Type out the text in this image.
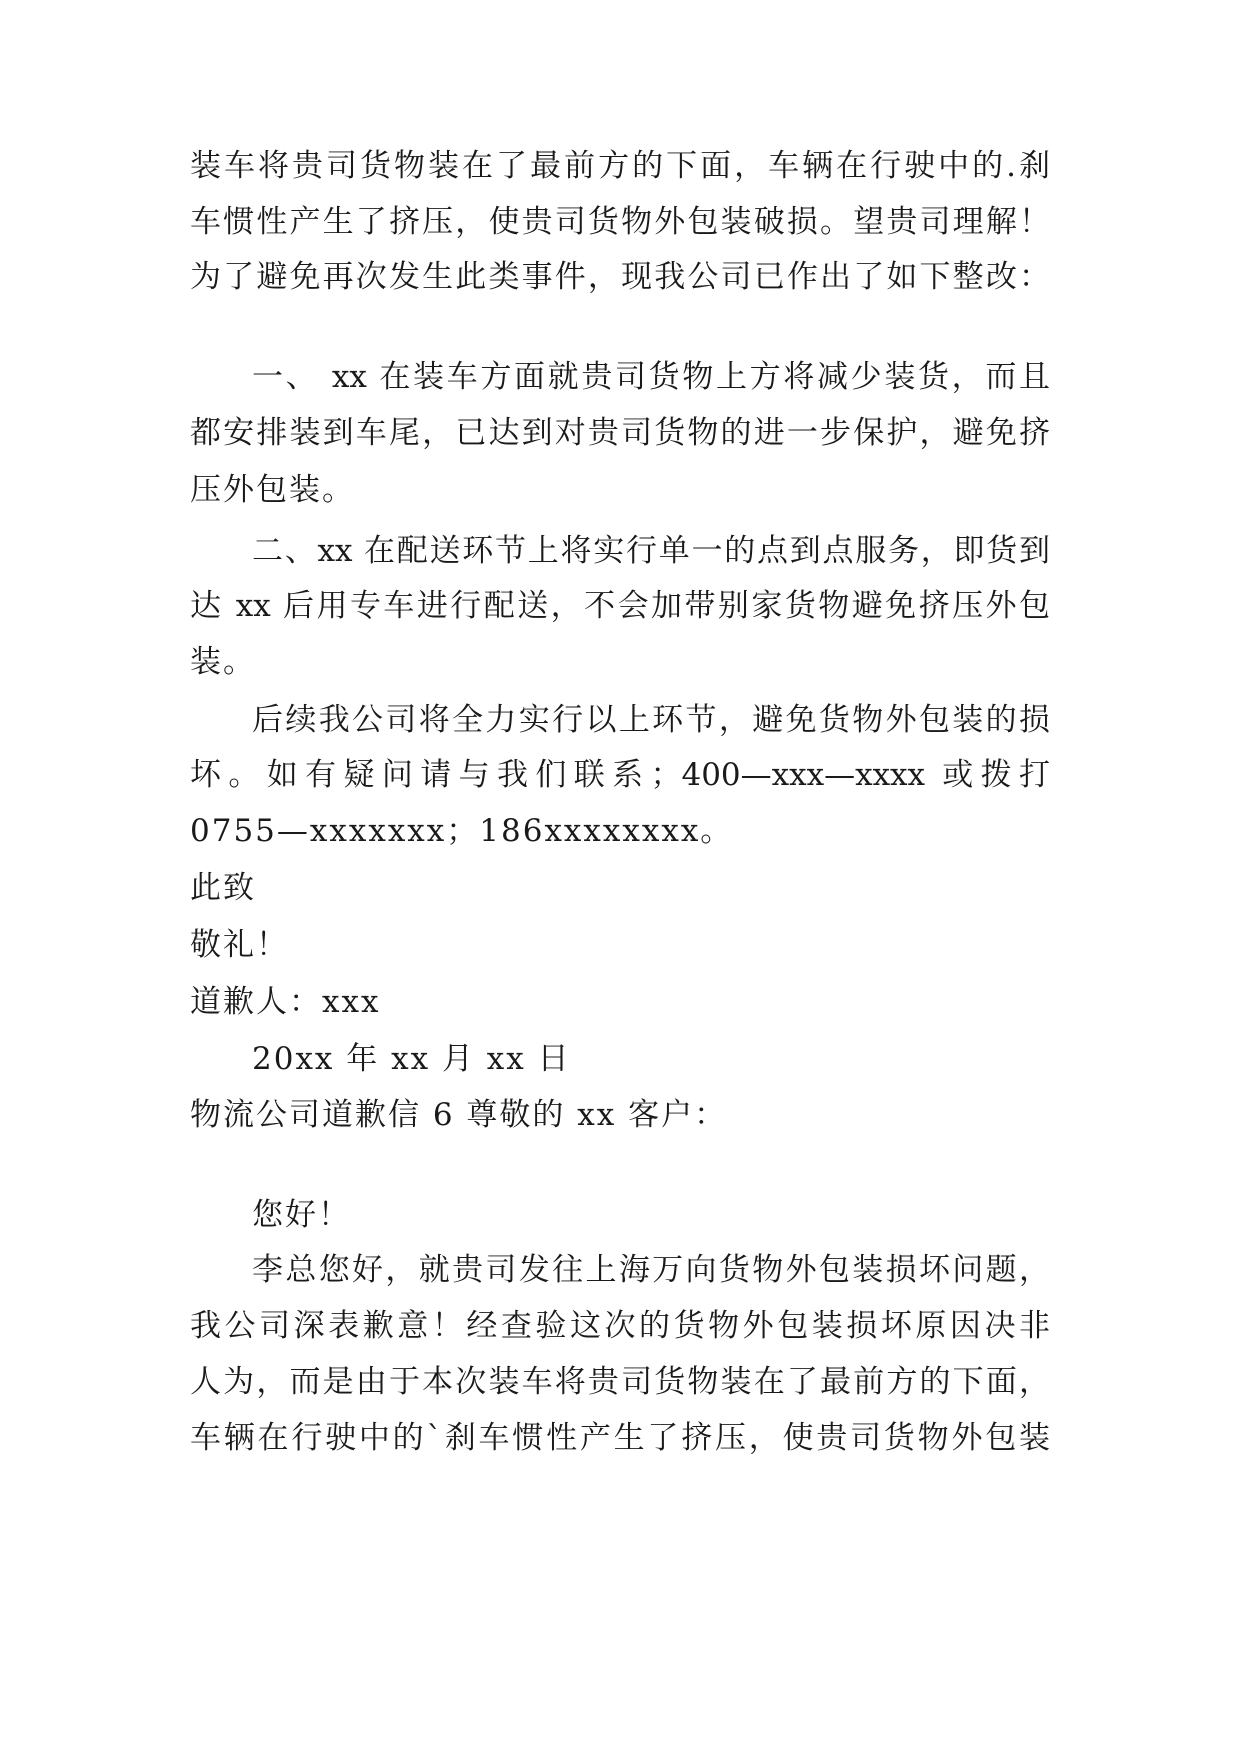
装车将贵司货物装在了最前方的下面，车辆在行驶中的.刹
车惯性产生了挤压，使贵司货物外包装破损。望贵司理解！
为了避免再次发生此类事件，现我公司已作出了如下整改：
一、 xx 在装车方面就贵司货物上方将减少装货，而且
都安排装到车尾，已达到对贵司货物的进一步保护，避免挤
压外包装。
二、xx 在配送环节上将实行单一的点到点服务，即货到
达 xx 后用专车进行配送，不会加带别家货物避免挤压外包
装。
后续我公司将全力实行以上环节，避免货物外包装的损
坏。如有疑问请与我们联系；400—xxx—xxxx 或拨打
0755—xxxxxxx；186xxxxxxxx。
此致
敬礼！
道歉人：xxx
20xx 年 xx 月 xx 日
物流公司道歉信 6 尊敬的 xx 客户：
您好！
李总您好，就贵司发往上海万向货物外包装损坏问题，
我公司深表歉意！经查验这次的货物外包装损坏原因决非
人为，而是由于本次装车将贵司货物装在了最前方的下面，
车辆在行驶中的`刹车惯性产生了挤压，使贵司货物外包装
